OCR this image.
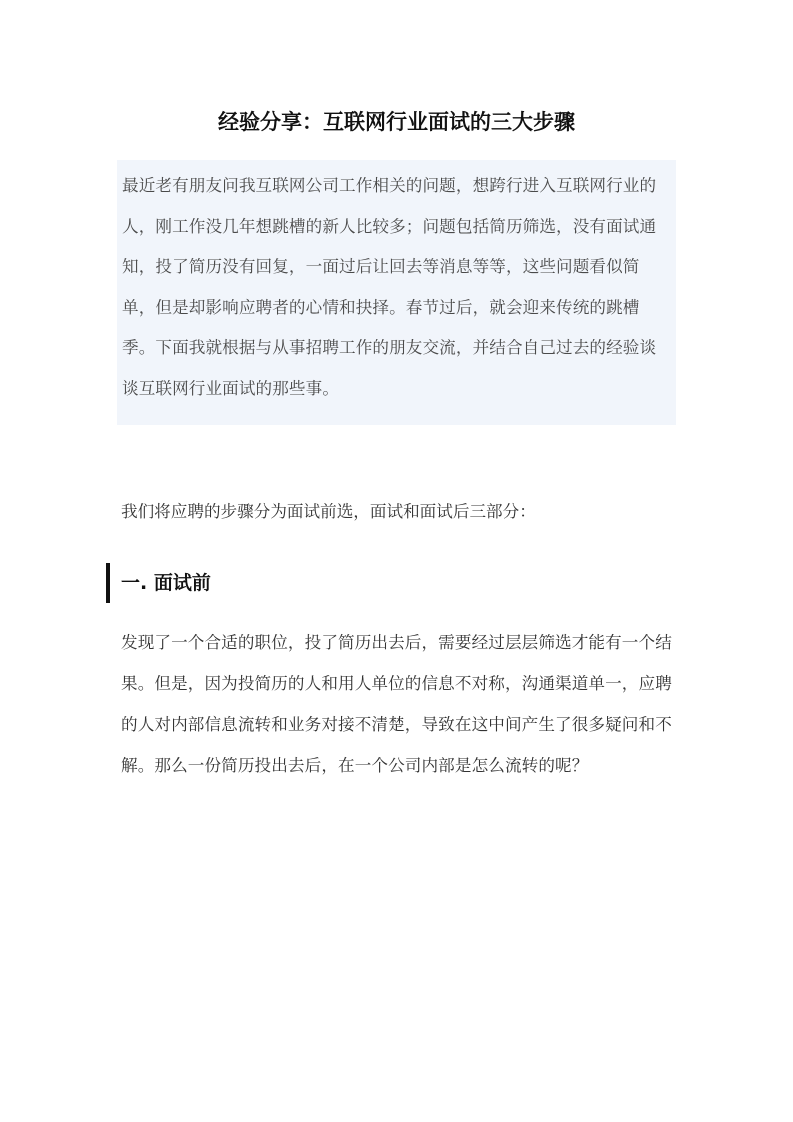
经验分享：互联网行业面试的三大步骤

最近老有朋友问我互联网公司工作相关的问题，想跨行进入互联网行业的人，刚工作没几年想跳槽的新人比较多；问题包括简历筛选，没有面试通知，投了简历没有回复，一面过后让回去等消息等等，这些问题看似简单，但是却影响应聘者的心情和抉择。春节过后，就会迎来传统的跳槽季。下面我就根据与从事招聘工作的朋友交流，并结合自己过去的经验谈谈互联网行业面试的那些事。

我们将应聘的步骤分为面试前选，面试和面试后三部分：

一. 面试前

发现了一个合适的职位，投了简历出去后，需要经过层层筛选才能有一个结果。但是，因为投简历的人和用人单位的信息不对称，沟通渠道单一，应聘的人对内部信息流转和业务对接不清楚，导致在这中间产生了很多疑问和不解。那么一份简历投出去后，在一个公司内部是怎么流转的呢？
